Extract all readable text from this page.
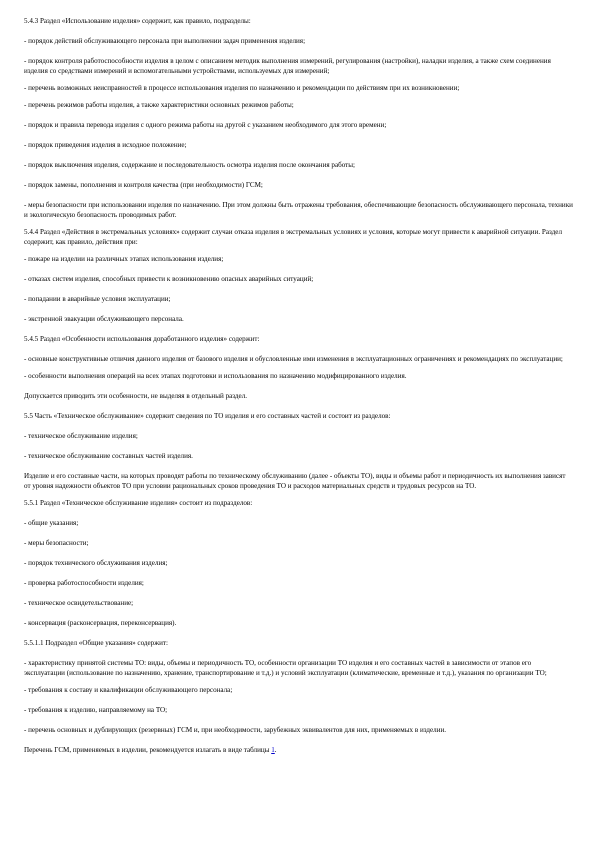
5.4.3 Раздел «Использование изделия» содержит, как правило, подразделы:

- порядок действий обслуживающего персонала при выполнении задач применения изделия;

- порядок контроля работоспособности изделия в целом с описанием методик выполнения измерений, регулирования (настройки), наладки изделия, а также схем соединения изделия со средствами измерений и вспомогательными устройствами, используемых для измерений;

- перечень возможных неисправностей в процессе использования изделия по назначению и рекомендации по действиям при их возникновении;

- перечень режимов работы изделия, а также характеристики основных режимов работы;

- порядок и правила перевода изделия с одного режима работы на другой с указанием необходимого для этого времени;

- порядок приведения изделия в исходное положение;

- порядок выключения изделия, содержание и последовательность осмотра изделия после окончания работы;

- порядок замены, пополнения и контроля качества (при необходимости) ГСМ;

- меры безопасности при использовании изделия по назначению. При этом должны быть отражены требования, обеспечивающие безопасность обслуживающего персонала, техники и экологическую безопасность проводимых работ.

5.4.4 Раздел «Действия в экстремальных условиях» содержит случаи отказа изделия в экстремальных условиях и условия, которые могут привести к аварийной ситуации. Раздел содержит, как правило, действия при:

- пожаре на изделии на различных этапах использования изделия;

- отказах систем изделия, способных привести к возникновению опасных аварийных ситуаций;

- попадании в аварийные условия эксплуатации;

- экстренной эвакуации обслуживающего персонала.

5.4.5 Раздел «Особенности использования доработанного изделия» содержит:

- основные конструктивные отличия данного изделия от базового изделия и обусловленные ими изменения в эксплуатационных ограничениях и рекомендациях по эксплуатации;

- особенности выполнения операций на всех этапах подготовки и использования по назначению модифицированного изделия.

Допускается приводить эти особенности, не выделяя в отдельный раздел.

5.5 Часть «Техническое обслуживание» содержит сведения по ТО изделия и его составных частей и состоит из разделов:

- техническое обслуживание изделия;

- техническое обслуживание составных частей изделия.

Изделие и его составные части, на которых проводят работы по техническому обслуживанию (далее - объекты ТО), виды и объемы работ и периодичность их выполнения зависят от уровня надежности объектов ТО при условии рациональных сроков проведения ТО и расходов материальных средств и трудовых ресурсов на ТО.

5.5.1 Раздел «Техническое обслуживание изделия» состоит из подразделов:

- общие указания;

- меры безопасности;

- порядок технического обслуживания изделия;

- проверка работоспособности изделия;

- техническое освидетельствование;

- консервация (расконсервация, переконсервация).

5.5.1.1 Подраздел «Общие указания» содержит:

- характеристику принятой системы ТО: виды, объемы и периодичность ТО, особенности организации ТО изделия и его составных частей в зависимости от этапов его эксплуатации (использование по назначению, хранение, транспортирование и т.д.) и условий эксплуатации (климатические, временные и т.д.), указания по организации ТО;

- требования к составу и квалификации обслуживающего персонала;

- требования к изделию, направляемому на ТО;

- перечень основных и дублирующих (резервных) ГСМ и, при необходимости, зарубежных эквивалентов для них, применяемых в изделии.

Перечень ГСМ, применяемых в изделии, рекомендуется излагать в виде таблицы 1.
